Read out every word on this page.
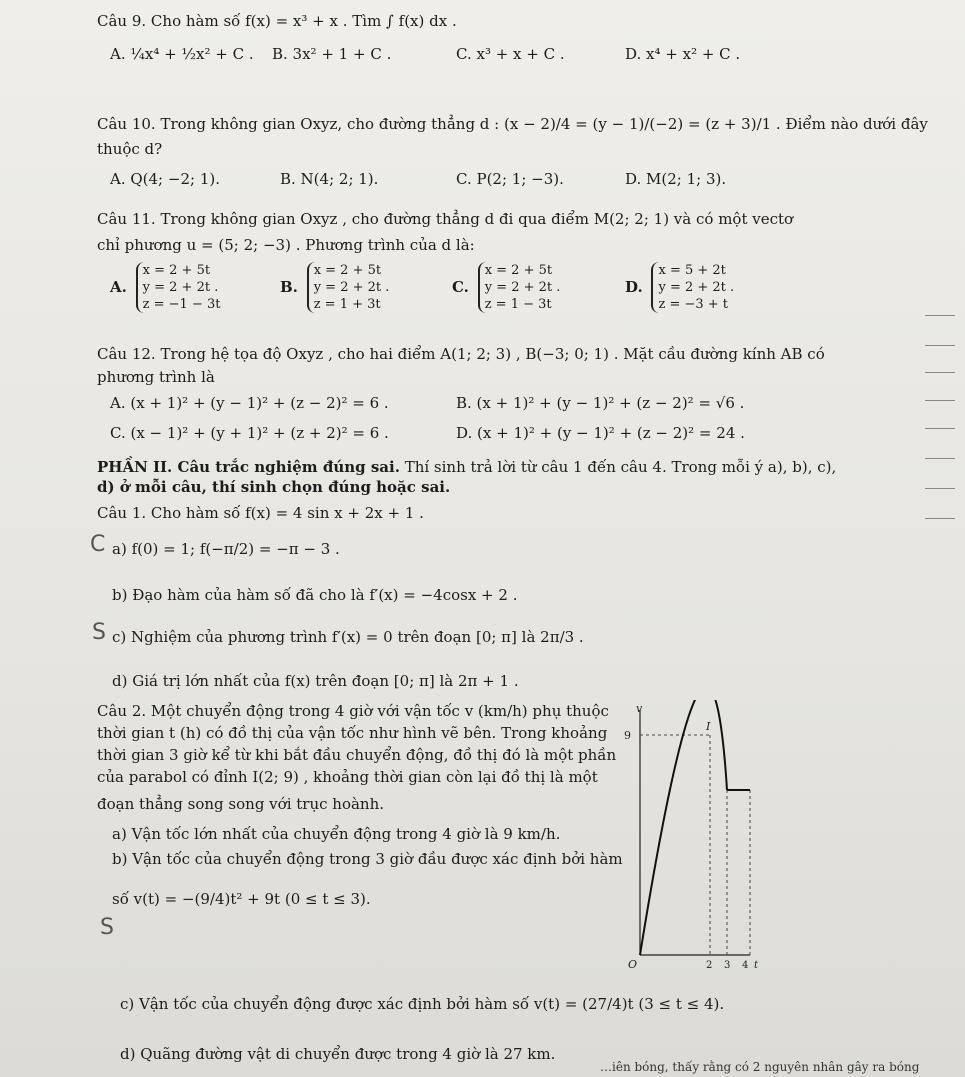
Câu 9. Cho hàm số f(x) = x³ + x . Tìm ∫ f(x) dx .
A. ¼x⁴ + ½x² + C . B. 3x² + 1 + C .	C. x³ + x + C .	D. x⁴ + x² + C .
Câu 10. Trong không gian Oxyz, cho đường thẳng d : (x − 2)/4 = (y − 1)/(−2) = (z + 3)/1 . Điểm nào dưới đây
thuộc d?
A. Q(4; −2; 1).	B. N(4; 2; 1).	C. P(2; 1; −3).	D. M(2; 1; 3).
Câu 11. Trong không gian Oxyz , cho đường thẳng d đi qua điểm M(2; 2; 1) và có một vectơ
chỉ phương u = (5; 2; −3) . Phương trình của d là:
A.
x = 2 + 5t
y = 2 + 2t .
z = −1 − 3t
B.
x = 2 + 5t
y = 2 + 2t .
z = 1 + 3t
C.
x = 2 + 5t
y = 2 + 2t .
z = 1 − 3t
D.
x = 5 + 2t
y = 2 + 2t .
z = −3 + t
Câu 12. Trong hệ tọa độ Oxyz , cho hai điểm A(1; 2; 3) , B(−3; 0; 1) . Mặt cầu đường kính AB có
phương trình là
A. (x + 1)² + (y − 1)² + (z − 2)² = 6 .	B. (x + 1)² + (y − 1)² + (z − 2)² = √6 .
C. (x − 1)² + (y + 1)² + (z + 2)² = 6 .	D. (x + 1)² + (y − 1)² + (z − 2)² = 24 .
PHẦN II. Câu trắc nghiệm đúng sai. Thí sinh trả lời từ câu 1 đến câu 4. Trong mỗi ý a), b), c),
d) ở mỗi câu, thí sinh chọn đúng hoặc sai.
Câu 1. Cho hàm số f(x) = 4 sin x + 2x + 1 .
a) f(0) = 1; f(−π/2) = −π − 3 .
b) Đạo hàm của hàm số đã cho là f′(x) = −4cosx + 2 .
c) Nghiệm của phương trình f′(x) = 0 trên đoạn [0; π] là 2π/3 .
d) Giá trị lớn nhất của f(x) trên đoạn [0; π] là 2π + 1 .
Câu 2. Một chuyển động trong 4 giờ với vận tốc v (km/h) phụ thuộc
thời gian t (h) có đồ thị của vận tốc như hình vẽ bên. Trong khoảng
thời gian 3 giờ kể từ khi bắt đầu chuyển động, đồ thị đó là một phần
của parabol có đỉnh I(2; 9) , khoảng thời gian còn lại đồ thị là một
đoạn thẳng song song với trục hoành.
a) Vận tốc lớn nhất của chuyển động trong 4 giờ là 9 km/h.
b) Vận tốc của chuyển động trong 3 giờ đầu được xác định bởi hàm
số v(t) = −(9/4)t² + 9t (0 ≤ t ≤ 3).
c) Vận tốc của chuyển động được xác định bởi hàm số v(t) = (27/4)t (3 ≤ t ≤ 4).
d) Quãng đường vật di chuyển được trong 4 giờ là 27 km.
…iên bóng, thấy rằng có 2 nguyên nhân gây ra bóng
C
S
S
v
I
9
O	2 3 4 t
